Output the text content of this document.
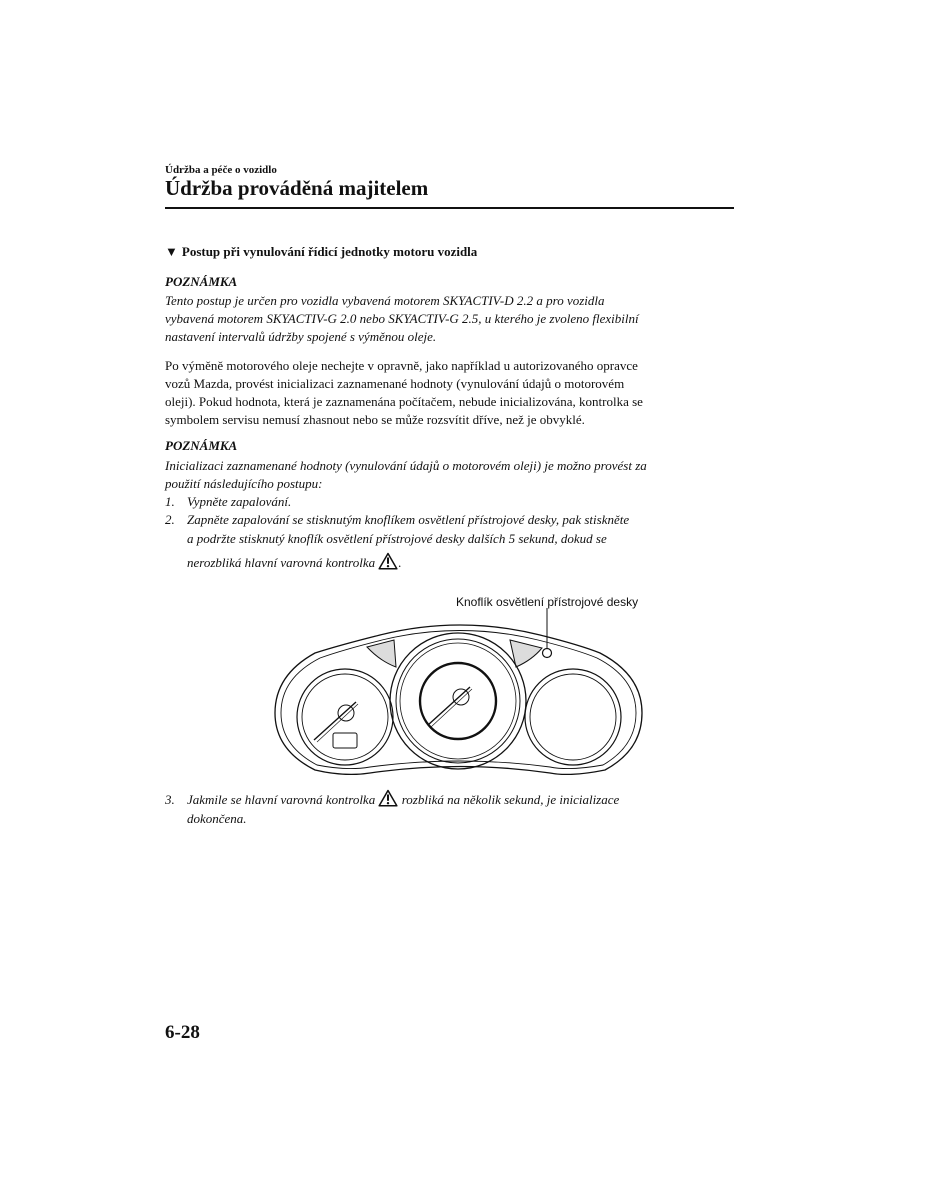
Údržba a péče o vozidlo
Údržba prováděná majitelem
▼ Postup při vynulování řídicí jednotky motoru vozidla
POZNÁMKA
Tento postup je určen pro vozidla vybavená motorem SKYACTIV-D 2.2 a pro vozidla
vybavená motorem SKYACTIV-G 2.0 nebo SKYACTIV-G 2.5, u kterého je zvoleno flexibilní
nastavení intervalů údržby spojené s výměnou oleje.
Po výměně motorového oleje nechejte v opravně, jako například u autorizovaného opravce
vozů Mazda, provést inicializaci zaznamenané hodnoty (vynulování údajů o motorovém
oleji). Pokud hodnota, která je zaznamenána počítačem, nebude inicializována, kontrolka se
symbolem servisu nemusí zhasnout nebo se může rozsvítit dříve, než je obvyklé.
POZNÁMKA
Inicializaci zaznamenané hodnoty (vynulování údajů o motorovém oleji) je možno provést za
použití následujícího postupu:
1. Vypněte zapalování.
2. Zapněte zapalování se stisknutým knoflíkem osvětlení přístrojové desky, pak stiskněte
a podržte stisknutý knoflík osvětlení přístrojové desky dalších 5 sekund, dokud se
nerozbliká hlavní varovná kontrolka .
Knoflík osvětlení přístrojové desky
3. Jakmile se hlavní varovná kontrolka rozbliká na několik sekund, je inicializace
dokončena.
6-28
